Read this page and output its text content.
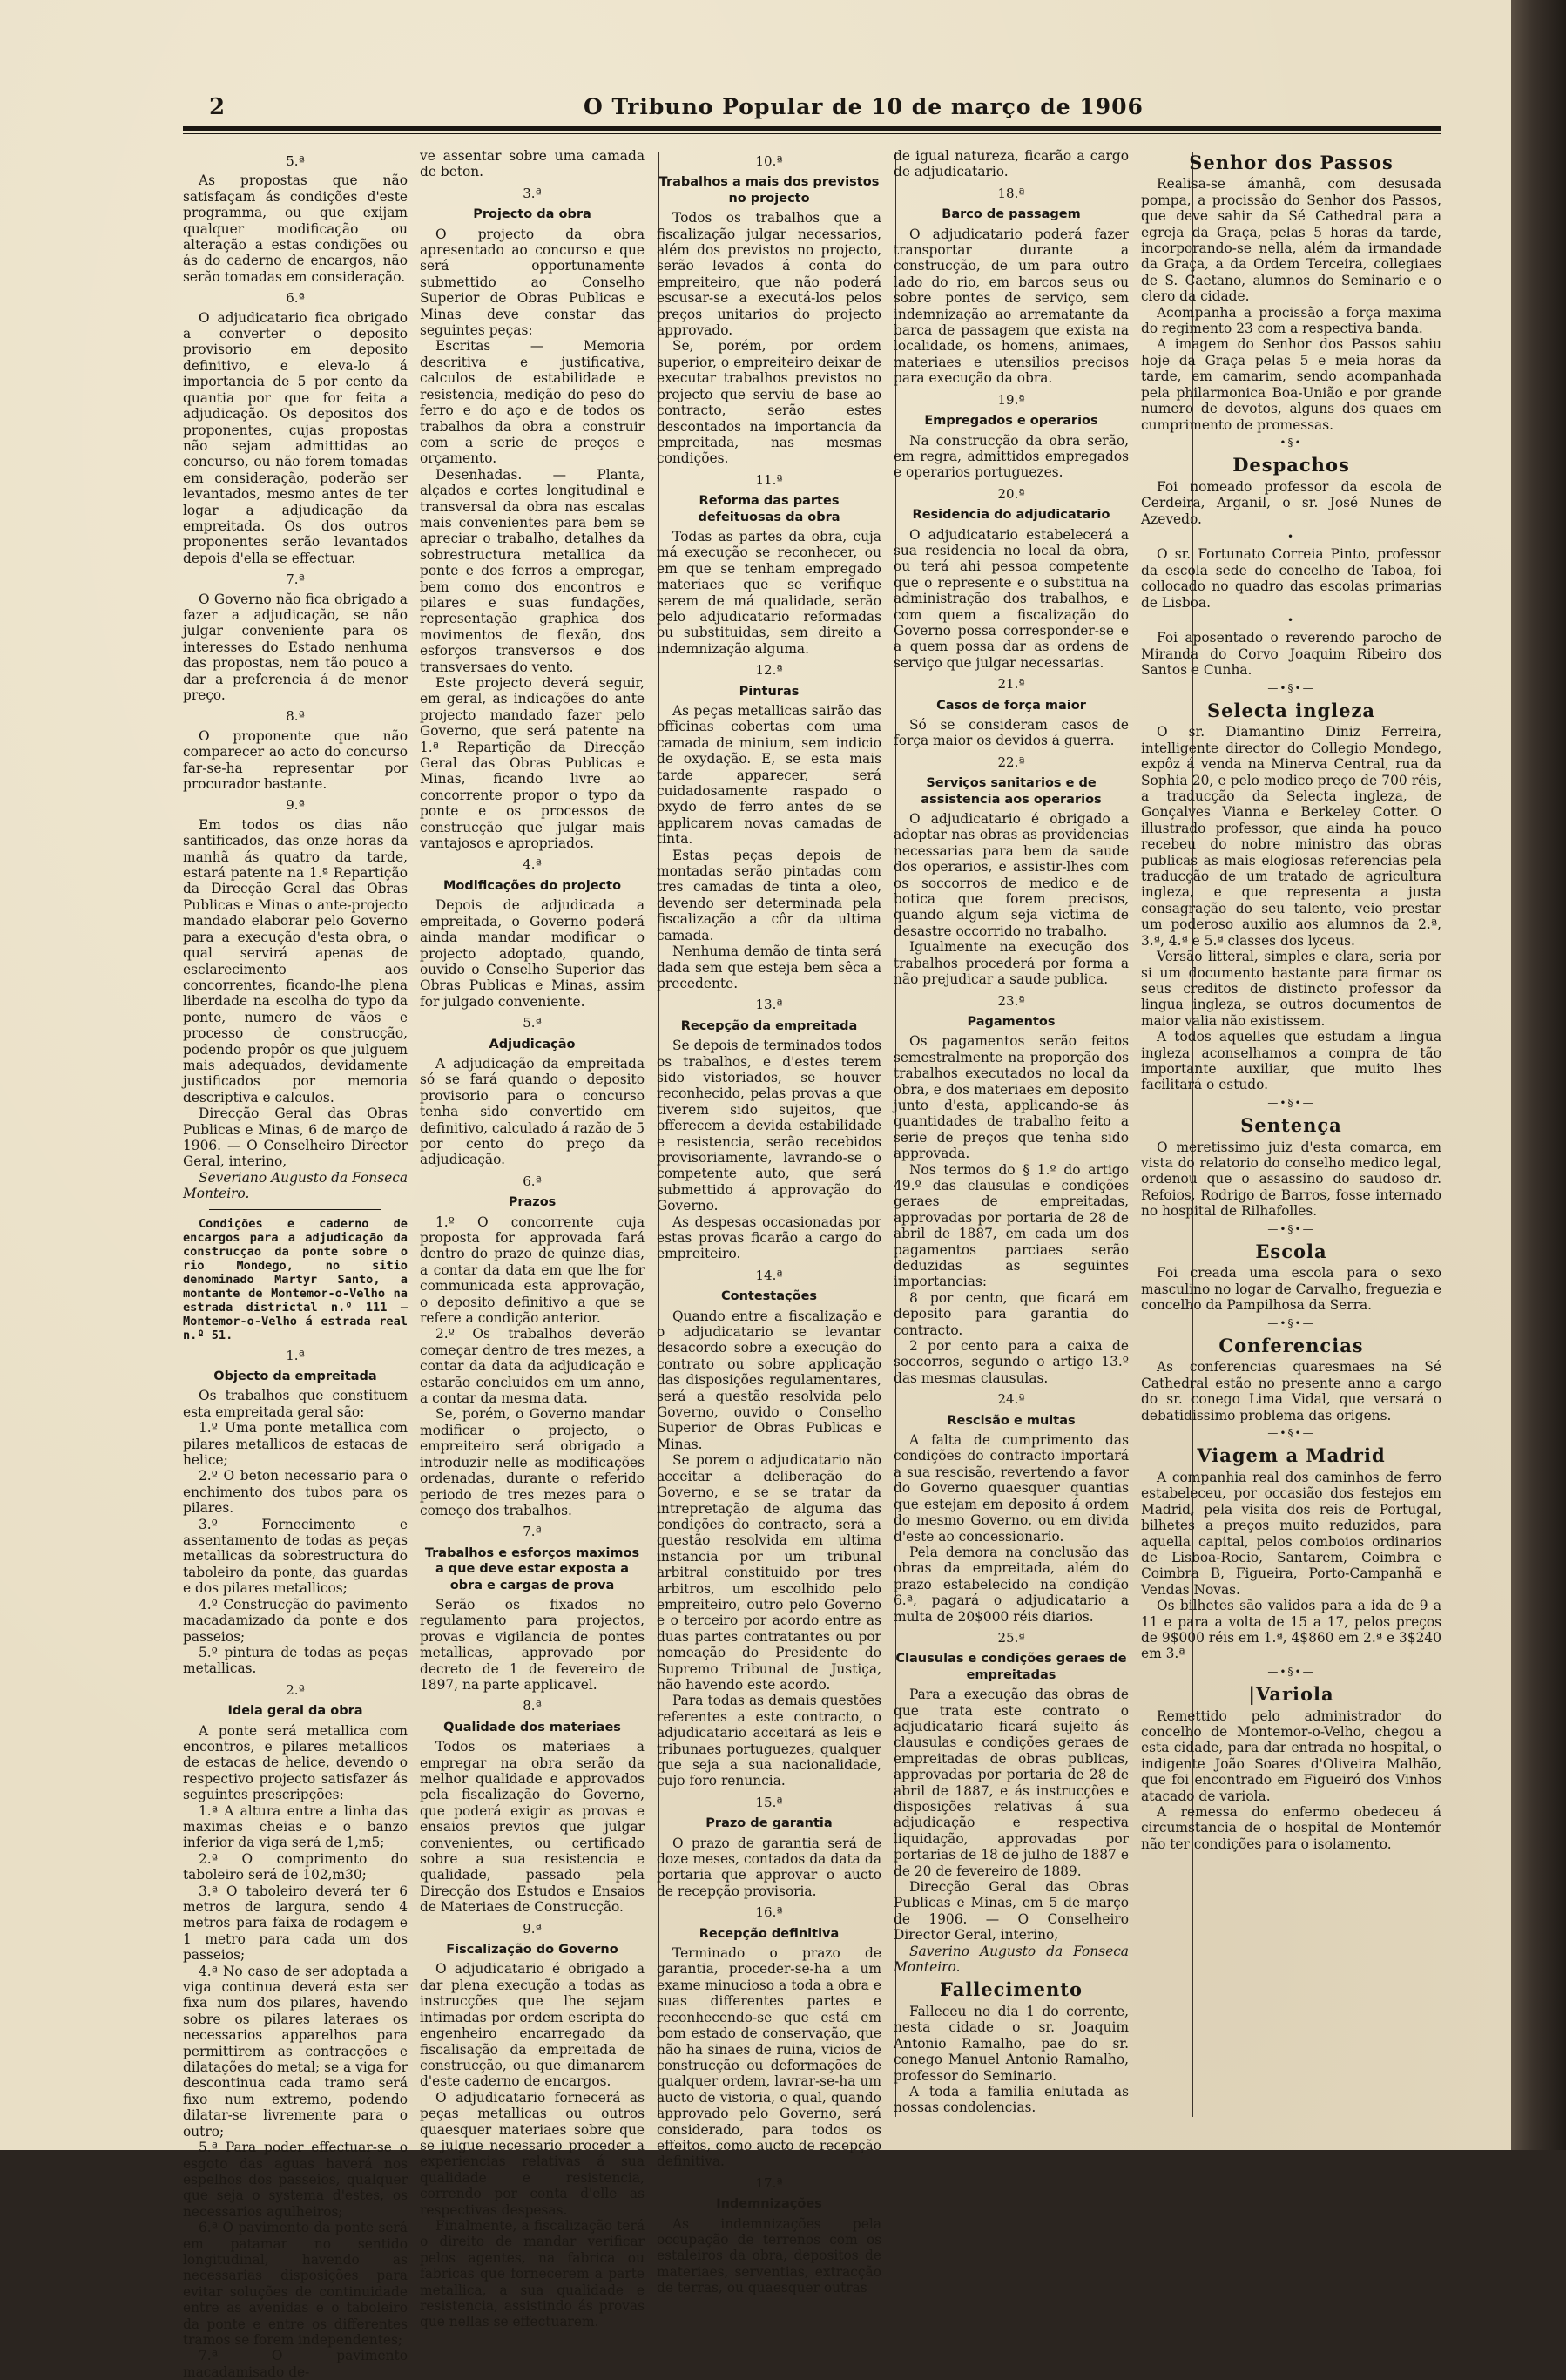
2	O Tribuno Popular de 10 de março de 1906
5.ª

As propostas que não satisfaçam ás condições d'este programma, ou que exijam qualquer modificação ou alteração a estas condições ou ás do caderno de encargos, não serão tomadas em consideração.

6.ª

O adjudicatario fica obrigado a converter o deposito provisorio em deposito definitivo, e eleva-lo á importancia de 5 por cento da quantia por que for feita a adjudicação. Os depositos dos proponentes, cujas propostas não sejam admittidas ao concurso, ou não forem tomadas em consideração, poderão ser levantados, mesmo antes de ter logar a adjudicação da empreitada. Os dos outros proponentes serão levantados depois d'ella se effectuar.

7.ª

O Governo não fica obrigado a fazer a adjudicação, se não julgar conveniente para os interesses do Estado nenhuma das propostas, nem tão pouco a dar a preferencia á de menor preço.

8.ª

O proponente que não comparecer ao acto do concurso far-se-ha representar por procurador bastante.

9.ª

Em todos os dias não santificados, das onze horas da manhã ás quatro da tarde, estará patente na 1.ª Repartição da Direcção Geral das Obras Publicas e Minas o ante-projecto mandado elaborar pelo Governo para a execução d'esta obra, o qual servirá apenas de esclarecimento aos concorrentes, ficando-lhe plena liberdade na escolha do typo da ponte, numero de vãos e processo de construcção, podendo propôr os que julguem mais adequados, devidamente justificados por memoria descriptiva e calculos.

Direcção Geral das Obras Publicas e Minas, 6 de março de 1906. — O Conselheiro Director Geral, interino,

Severiano Augusto da Fonseca Monteiro.

Condições e caderno de encargos para a adjudicação da construcção da ponte sobre o rio Mondego, no sitio denominado Martyr Santo, a montante de Montemor-o-Velho na estrada districtal n.º 111 — Montemor-o-Velho á estrada real n.º 51.

1.ª
Objecto da empreitada

Os trabalhos que constituem esta empreitada geral são:

1.º Uma ponte metallica com pilares metallicos de estacas de helice;

2.º O beton necessario para o enchimento dos tubos para os pilares.

3.º Fornecimento e assentamento de todas as peças metallicas da sobrestructura do taboleiro da ponte, das guardas e dos pilares metallicos;

4.º Construcção do pavimento macadamizado da ponte e dos passeios;

5.º pintura de todas as peças metallicas.

2.ª
Ideia geral da obra

A ponte será metallica com encontros, e pilares metallicos de estacas de helice, devendo o respectivo projecto satisfazer ás seguintes prescripções:

1.ª A altura entre a linha das maximas cheias e o banzo inferior da viga será de 1,m5;

2.ª O comprimento do taboleiro será de 102,m30;

3.ª O taboleiro deverá ter 6 metros de largura, sendo 4 metros para faixa de rodagem e 1 metro para cada um dos passeios;

4.ª No caso de ser adoptada a viga continua deverá esta ser fixa num dos pilares, havendo sobre os pilares lateraes os necessarios apparelhos para permittirem as contracções e dilatações do metal; se a viga for descontinua cada tramo será fixo num extremo, podendo dilatar-se livremente para o outro;

5.ª Para poder effectuar-se o esgoto das aguas haverá nos espelhos dos passeios, qualquer que seja o systema d'estes, os necessarios agulheiros;

6.ª O pavimento da ponte será em patamar no sentido longitudinal, havendo as necessarias disposições para evitar soluções de continuidade entre as avenidas e o taboleiro da ponte e entre os differentes tramos se forem independentes;

7.ª O pavimento macadamisado de-

ve assentar sobre uma camada de beton.

3.ª
Projecto da obra

O projecto da obra apresentado ao concurso e que será opportunamente submettido ao Conselho Superior de Obras Publicas e Minas deve constar das seguintes peças:

Escritas — Memoria descritiva e justificativa, calculos de estabilidade e resistencia, medição do peso do ferro e do aço e de todos os trabalhos da obra a construir com a serie de preços e orçamento.

Desenhadas. — Planta, alçados e cortes longitudinal e transversal da obra nas escalas mais convenientes para bem se apreciar o trabalho, detalhes da sobrestructura metallica da ponte e dos ferros a empregar, bem como dos encontros e pilares e suas fundações, representação graphica dos movimentos de flexão, dos esforços transversos e dos transversaes do vento.

Este projecto deverá seguir, em geral, as indicações do ante projecto mandado fazer pelo Governo, que será patente na 1.ª Repartição da Direcção Geral das Obras Publicas e Minas, ficando livre ao concorrente propor o typo da ponte e os processos de construcção que julgar mais vantajosos e apropriados.

4.ª
Modificações do projecto

Depois de adjudicada a empreitada, o Governo poderá ainda mandar modificar o projecto adoptado, quando, ouvido o Conselho Superior das Obras Publicas e Minas, assim for julgado conveniente.

5.ª
Adjudicação

A adjudicação da empreitada só se fará quando o deposito provisorio para o concurso tenha sido convertido em definitivo, calculado á razão de 5 por cento do preço da adjudicação.

6.ª
Prazos

1.º O concorrente cuja proposta for approvada fará dentro do prazo de quinze dias, a contar da data em que lhe for communicada esta approvação, o deposito definitivo a que se refere a condição anterior.

2.º Os trabalhos deverão começar dentro de tres mezes, a contar da data da adjudicação e estarão concluidos em um anno, a contar da mesma data.

Se, porém, o Governo mandar modificar o projecto, o empreiteiro será obrigado a introduzir nelle as modificações ordenadas, durante o referido periodo de tres mezes para o começo dos trabalhos.

7.ª
Trabalhos e esforços maximos a que deve estar exposta a obra e cargas de prova

Serão os fixados no regulamento para projectos, provas e vigilancia de pontes metallicas, approvado por decreto de 1 de fevereiro de 1897, na parte applicavel.

8.ª
Qualidade dos materiaes

Todos os materiaes a empregar na obra serão da melhor qualidade e approvados pela fiscalização do Governo, que poderá exigir as provas e ensaios previos que julgar convenientes, ou certificado sobre a sua resistencia e qualidade, passado pela Direcção dos Estudos e Ensaios de Materiaes de Construcção.

9.ª
Fiscalização do Governo

O adjudicatario é obrigado a dar plena execução a todas as instrucções que lhe sejam intimadas por ordem escripta do engenheiro encarregado da fiscalisação da empreitada de construcção, ou que dimanarem d'este caderno de encargos.

O adjudicatario fornecerá as peças metallicas ou outros quaesquer materiaes sobre que se julgue necessario proceder a experiencias relativas á sua qualidade e resistencia, correndo por conta d'elle as respectivas despesas.

Finalmente, a fiscalização terá o direito de mandar verificar pelos agentes, na fabrica ou fabricas que fornecerem a parte metallica, a sua qualidade e resistencia, assistindo ás provas que nellas se effectuarem.

10.ª
Trabalhos a mais dos previstos no projecto

Todos os trabalhos que a fiscalização julgar necessarios, além dos previstos no projecto, serão levados á conta do empreiteiro, que não poderá escusar-se a executá-los pelos preços unitarios do projecto approvado.

Se, porém, por ordem superior, o empreiteiro deixar de executar trabalhos previstos no projecto que serviu de base ao contracto, serão estes descontados na importancia da empreitada, nas mesmas condições.

11.ª
Reforma das partes defeituosas da obra

Todas as partes da obra, cuja má execução se reconhecer, ou em que se tenham empregado materiaes que se verifique serem de má qualidade, serão pelo adjudicatario reformadas ou substituidas, sem direito a indemnização alguma.

12.ª
Pinturas

As peças metallicas sairão das officinas cobertas com uma camada de minium, sem indicio de oxydação. E, se esta mais tarde apparecer, será cuidadosamente raspado o oxydo de ferro antes de se applicarem novas camadas de tinta.

Estas peças depois de montadas serão pintadas com tres camadas de tinta a oleo, devendo ser determinada pela fiscalização a côr da ultima camada.

Nenhuma demão de tinta será dada sem que esteja bem sêca a precedente.

13.ª
Recepção da empreitada

Se depois de terminados todos os trabalhos, e d'estes terem sido vistoriados, se houver reconhecido, pelas provas a que tiverem sido sujeitos, que offerecem a devida estabilidade e resistencia, serão recebidos provisoriamente, lavrando-se o competente auto, que será submettido á approvação do Governo.

As despesas occasionadas por estas provas ficarão a cargo do empreiteiro.

14.ª
Contestações

Quando entre a fiscalização e o adjudicatario se levantar desacordo sobre a execução do contrato ou sobre applicação das disposições regulamentares, será a questão resolvida pelo Governo, ouvido o Conselho Superior de Obras Publicas e Minas.

Se porem o adjudicatario não acceitar a deliberação do Governo, e se se tratar da intrepretação de alguma das condições do contracto, será a questão resolvida em ultima instancia por um tribunal arbitral constituido por tres arbitros, um escolhido pelo empreiteiro, outro pelo Governo e o terceiro por acordo entre as duas partes contratantes ou por nomeação do Presidente do Supremo Tribunal de Justiça, não havendo este acordo.

Para todas as demais questões referentes a este contracto, o adjudicatario acceitará as leis e tribunaes portuguezes, qualquer que seja a sua nacionalidade, cujo foro renuncia.

15.ª
Prazo de garantia

O prazo de garantia será de doze meses, contados da data da portaria que approvar o aucto de recepção provisoria.

16.ª
Recepção definitiva

Terminado o prazo de garantia, proceder-se-ha a um exame minucioso a toda a obra e suas differentes partes e reconhecendo-se que está em bom estado de conservação, que não ha sinaes de ruina, vicios de construcção ou deformações de qualquer ordem, lavrar-se-ha um aucto de vistoria, o qual, quando approvado pelo Governo, será considerado, para todos os effeitos, como aucto de recepção definitiva.

17.ª
Indemnizações

As indemnizações pela occupação de terrenos com os estaleiros da obra, depositos de materiaes, serventias, extracção de terras, ou quaesquer outras

de igual natureza, ficarão a cargo de adjudicatario.

18.ª
Barco de passagem

O adjudicatario poderá fazer transportar durante a construcção, de um para outro lado do rio, em barcos seus ou sobre pontes de serviço, sem indemnização ao arrematante da barca de passagem que exista na localidade, os homens, animaes, materiaes e utensilios precisos para execução da obra.

19.ª
Empregados e operarios

Na construcção da obra serão, em regra, admittidos empregados e operarios portuguezes.

20.ª
Residencia do adjudicatario

O adjudicatario estabelecerá a sua residencia no local da obra, ou terá ahi pessoa competente que o represente e o substitua na administração dos trabalhos, e com quem a fiscalização do Governo possa corresponder-se e a quem possa dar as ordens de serviço que julgar necessarias.

21.ª
Casos de força maior

Só se consideram casos de força maior os devidos á guerra.

22.ª
Serviços sanitarios e de assistencia aos operarios

O adjudicatario é obrigado a adoptar nas obras as providencias necessarias para bem da saude dos operarios, e assistir-lhes com os soccorros de medico e de botica que forem precisos, quando algum seja victima de desastre occorrido no trabalho.

Igualmente na execução dos trabalhos procederá por forma a não prejudicar a saude publica.

23.ª
Pagamentos

Os pagamentos serão feitos semestralmente na proporção dos trabalhos executados no local da obra, e dos materiaes em deposito junto d'esta, applicando-se ás quantidades de trabalho feito a serie de preços que tenha sido approvada.

Nos termos do § 1.º do artigo 49.º das clausulas e condições geraes de empreitadas, approvadas por portaria de 28 de abril de 1887, em cada um dos pagamentos parciaes serão deduzidas as seguintes importancias:

8 por cento, que ficará em deposito para garantia do contracto.

2 por cento para a caixa de soccorros, segundo o artigo 13.º das mesmas clausulas.

24.ª
Rescisão e multas

A falta de cumprimento das condições do contracto importará a sua rescisão, revertendo a favor do Governo quaesquer quantias que estejam em deposito á ordem do mesmo Governo, ou em divida d'este ao concessionario.

Pela demora na conclusão das obras da empreitada, além do prazo estabelecido na condição 6.ª, pagará o adjudicatario a multa de 20$000 réis diarios.

25.ª
Clausulas e condições geraes de empreitadas

Para a execução das obras de que trata este contrato o adjudicatario ficará sujeito ás clausulas e condições geraes de empreitadas de obras publicas, approvadas por portaria de 28 de abril de 1887, e ás instrucções e disposições relativas á sua adjudicação e respectiva liquidação, approvadas por portarias de 18 de julho de 1887 e de 20 de fevereiro de 1889.

Direcção Geral das Obras Publicas e Minas, em 5 de março de 1906. — O Conselheiro Director Geral, interino,

Saverino Augusto da Fonseca Monteiro.

Fallecimento

Falleceu no dia 1 do corrente, nesta cidade o sr. Joaquim Antonio Ramalho, pae do sr. conego Manuel Antonio Ramalho, professor do Seminario.

A toda a familia enlutada as nossas condolencias.

Senhor dos Passos

Realisa-se ámanhã, com desusada pompa, a procissão do Senhor dos Passos, que deve sahir da Sé Cathedral para a egreja da Graça, pelas 5 horas da tarde, incorporando-se nella, além da irmandade da Graça, a da Ordem Terceira, collegiaes de S. Caetano, alumnos do Seminario e o clero da cidade.

Acompanha a procissão a força maxima do regimento 23 com a respectiva banda.

A imagem do Senhor dos Passos sahiu hoje da Graça pelas 5 e meia horas da tarde, em camarim, sendo acompanhada pela philarmonica Boa-União e por grande numero de devotos, alguns dos quaes em cumprimento de promessas.

—•§•—
Despachos

Foi nomeado professor da escola de Cerdeira, Arganil, o sr. José Nunes de Azevedo.

•

O sr. Fortunato Correia Pinto, professor da escola sede do concelho de Taboa, foi collocado no quadro das escolas primarias de Lisboa.

•

Foi aposentado o reverendo parocho de Miranda do Corvo Joaquim Ribeiro dos Santos e Cunha.

—•§•—
Selecta ingleza

O sr. Diamantino Diniz Ferreira, intelligente director do Collegio Mondego, expôz á venda na Minerva Central, rua da Sophia 20, e pelo modico preço de 700 réis, a traducção da Selecta ingleza, de Gonçalves Vianna e Berkeley Cotter. O illustrado professor, que ainda ha pouco recebeu do nobre ministro das obras publicas as mais elogiosas referencias pela traducção de um tratado de agricultura ingleza, e que representa a justa consagração do seu talento, veio prestar um poderoso auxilio aos alumnos da 2.ª, 3.ª, 4.ª e 5.ª classes dos lyceus.

Versão litteral, simples e clara, seria por si um documento bastante para firmar os seus creditos de distincto professor da lingua ingleza, se outros documentos de maior valia não existissem.

A todos aquelles que estudam a lingua ingleza aconselhamos a compra de tão importante auxiliar, que muito lhes facilitará o estudo.

—•§•—
Sentença

O meretissimo juiz d'esta comarca, em vista do relatorio do conselho medico legal, ordenou que o assassino do saudoso dr. Refoios, Rodrigo de Barros, fosse internado no hospital de Rilhafolles.

—•§•—
Escola

Foi creada uma escola para o sexo masculino no logar de Carvalho, freguezia e concelho da Pampilhosa da Serra.

—•§•—
Conferencias

As conferencias quaresmaes na Sé Cathedral estão no presente anno a cargo do sr. conego Lima Vidal, que versará o debatidissimo problema das origens.

—•§•—
Viagem a Madrid

A companhia real dos caminhos de ferro estabeleceu, por occasião dos festejos em Madrid, pela visita dos reis de Portugal, bilhetes a preços muito reduzidos, para aquella capital, pelos comboios ordinarios de Lisboa-Rocio, Santarem, Coimbra e Coimbra B, Figueira, Porto-Campanhã e Vendas Novas.

Os bilhetes são validos para a ida de 9 a 11 e para a volta de 15 a 17, pelos preços de 9$000 réis em 1.ª, 4$860 em 2.ª e 3$240 em 3.ª

—•§•—
|Variola

Remettido pelo administrador do concelho de Montemor-o-Velho, chegou a esta cidade, para dar entrada no hospital, o indigente João Soares d'Oliveira Malhão, que foi encontrado em Figueiró dos Vinhos atacado de variola.

A remessa do enfermo obedeceu á circumstancia de o hospital de Montemór não ter condições para o isolamento.
